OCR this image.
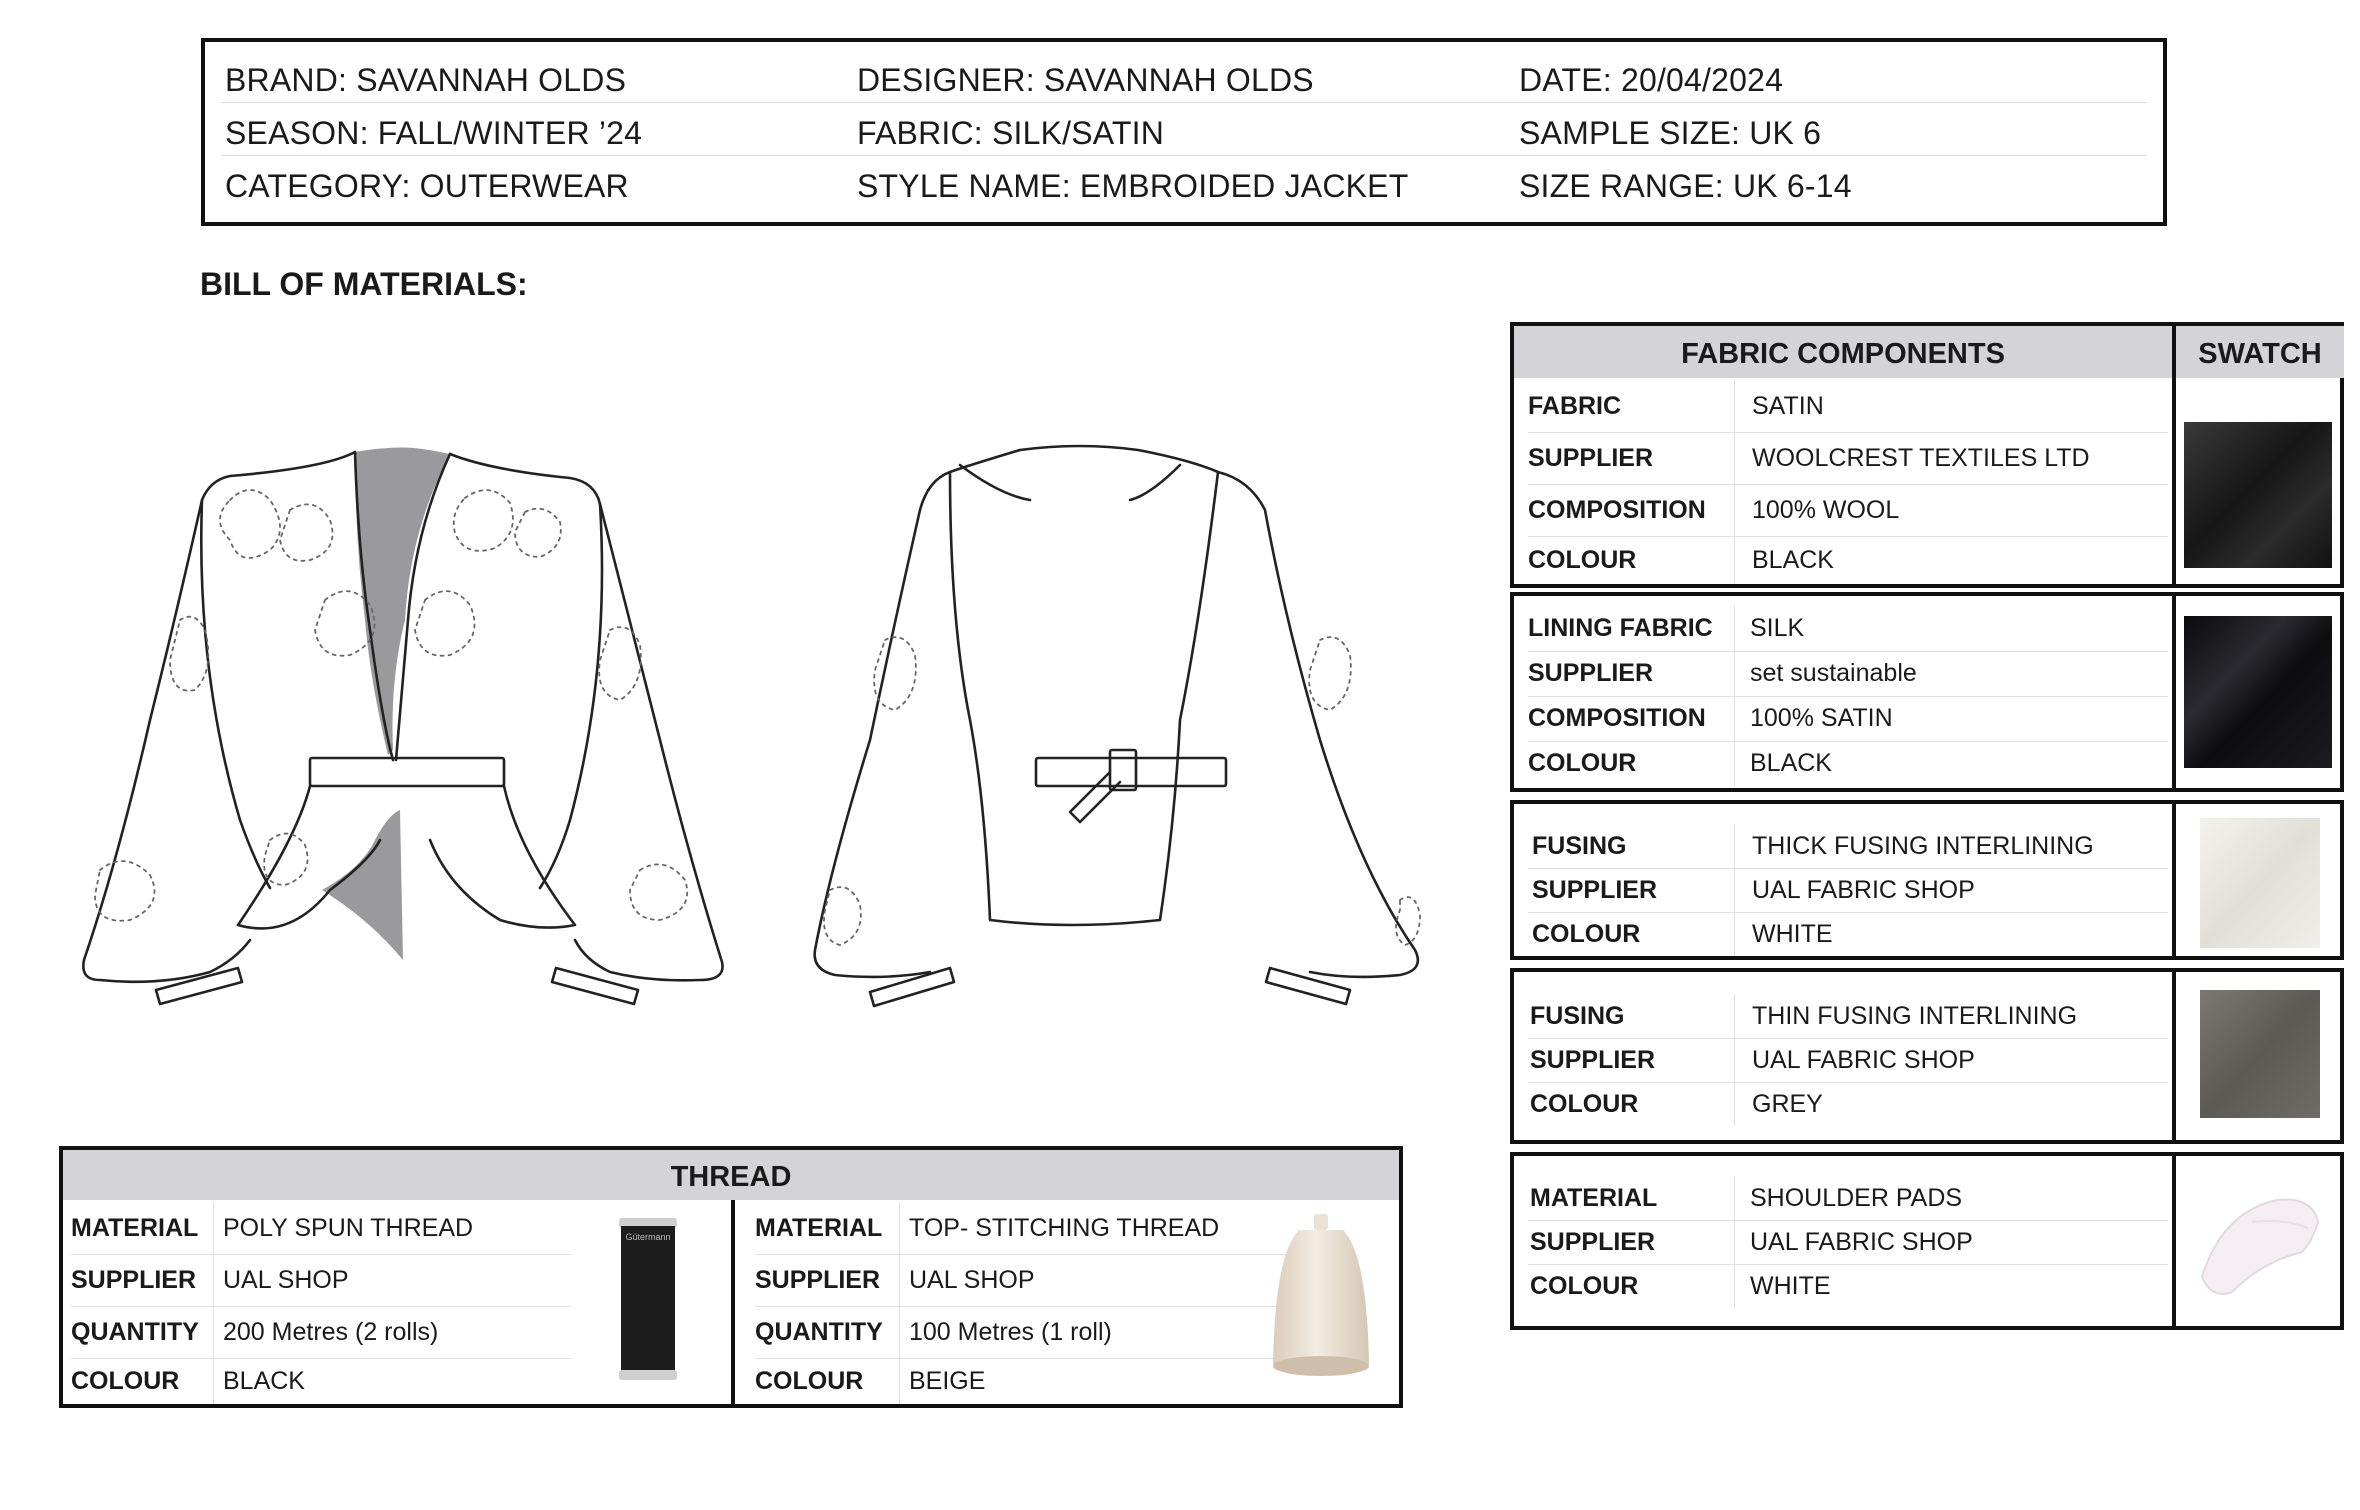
BRAND: SAVANNAH OLDS	DESIGNER: SAVANNAH OLDS	DATE: 20/04/2024
SEASON: FALL/WINTER ’24	FABRIC: SILK/SATIN	SAMPLE SIZE: UK 6
CATEGORY: OUTERWEAR	STYLE NAME: EMBROIDED JACKET	SIZE RANGE: UK 6-14
BILL OF MATERIALS:
FABRIC COMPONENTS	SWATCH
FABRIC	SATIN
SUPPLIER	WOOLCREST TEXTILES LTD
COMPOSITION 100% WOOL
COLOUR	BLACK
LINING FABRIC SILK
SUPPLIER	set sustainable
COMPOSITION 100% SATIN
COLOUR	BLACK
FUSING	THICK FUSING INTERLINING
SUPPLIER	UAL FABRIC SHOP
COLOUR	WHITE
FUSING	THIN FUSING INTERLINING
SUPPLIER	UAL FABRIC SHOP
COLOUR	GREY
MATERIAL	SHOULDER PADS
SUPPLIER	UAL FABRIC SHOP
COLOUR	WHITE
THREAD
MATERIAL POLY SPUN THREAD
SUPPLIER UAL SHOP
QUANTITY 200 Metres (2 rolls)
COLOUR BLACK
Gütermann	MATERIAL TOP- STITCHING THREAD
SUPPLIER UAL SHOP
QUANTITY 100 Metres (1 roll)
COLOUR BEIGE
